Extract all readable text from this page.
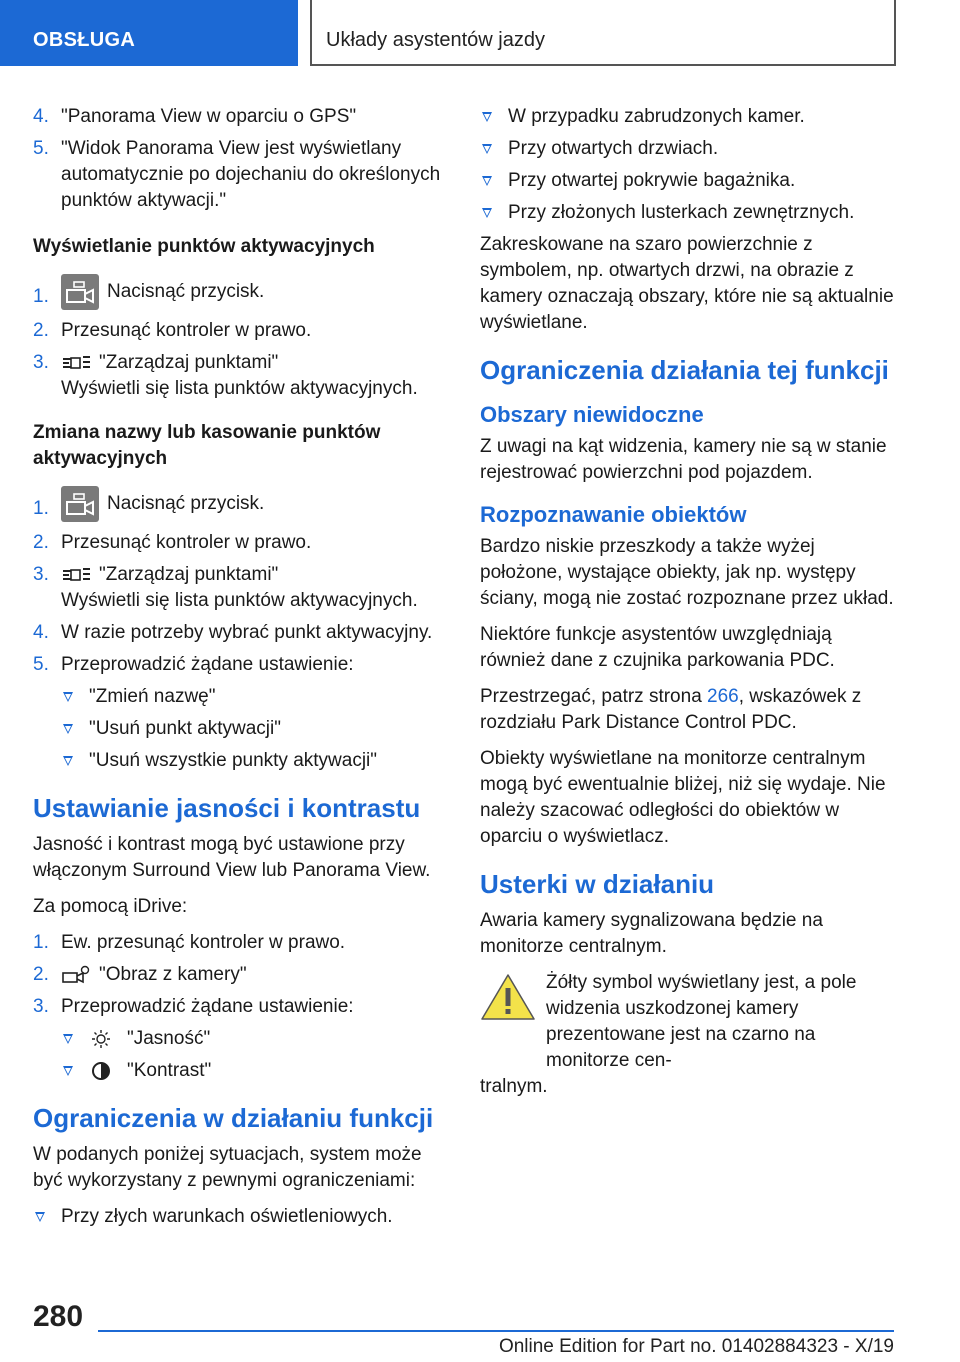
OBSŁUGA	Układy asystentów jazdy
4. "Panorama View w oparciu o GPS"
5. "Widok Panorama View jest wyświetlany automatycznie po dojechaniu do określonych punktów aktywacji."
Wyświetlanie punktów aktywacyjnych
1.	Nacisnąć przycisk.
2. Przesunąć kontroler w prawo.
3.	"Zarządzaj punktami"
Wyświetli się lista punktów aktywacyjnych.
Zmiana nazwy lub kasowanie punktów aktywacyjnych
1.	Nacisnąć przycisk.
2. Przesunąć kontroler w prawo.
3.	"Zarządzaj punktami"
Wyświetli się lista punktów aktywacyjnych.
4. W razie potrzeby wybrać punkt aktywacyjny.
5. Przeprowadzić żądane ustawienie:
"Zmień nazwę"
"Usuń punkt aktywacji"
"Usuń wszystkie punkty aktywacji"
Ustawianie jasności i kontrastu
Jasność i kontrast mogą być ustawione przy włączonym Surround View lub Panorama View.
Za pomocą iDrive:
1. Ew. przesunąć kontroler w prawo.
2.	"Obraz z kamery"
3. Przeprowadzić żądane ustawienie:
"Jasność"
"Kontrast"
Ograniczenia w działaniu funkcji
W podanych poniżej sytuacjach, system może być wykorzystany z pewnymi ograniczeniami:
Przy złych warunkach oświetleniowych.
W przypadku zabrudzonych kamer.
Przy otwartych drzwiach.
Przy otwartej pokrywie bagażnika.
Przy złożonych lusterkach zewnętrznych.
Zakreskowane na szaro powierzchnie z symbolem, np. otwartych drzwi, na obrazie z kamery oznaczają obszary, które nie są aktualnie wyświetlane.
Ograniczenia działania tej funkcji
Obszary niewidoczne
Z uwagi na kąt widzenia, kamery nie są w stanie rejestrować powierzchni pod pojazdem.
Rozpoznawanie obiektów
Bardzo niskie przeszkody a także wyżej położone, wystające obiekty, jak np. występy ściany, mogą nie zostać rozpoznane przez układ.
Niektóre funkcje asystentów uwzględniają również dane z czujnika parkowania PDC.
Przestrzegać, patrz strona 266, wskazówek z rozdziału Park Distance Control PDC.
Obiekty wyświetlane na monitorze centralnym mogą być ewentualnie bliżej, niż się wydaje. Nie należy szacować odległości do obiektów w oparciu o wyświetlacz.
Usterki w działaniu
Awaria kamery sygnalizowana będzie na monitorze centralnym.
Żółty symbol wyświetlany jest, a pole widzenia uszkodzonej kamery prezentowane jest na czarno na monitorze cen-
tralnym.
280
Online Edition for Part no. 01402884323 - X/19
